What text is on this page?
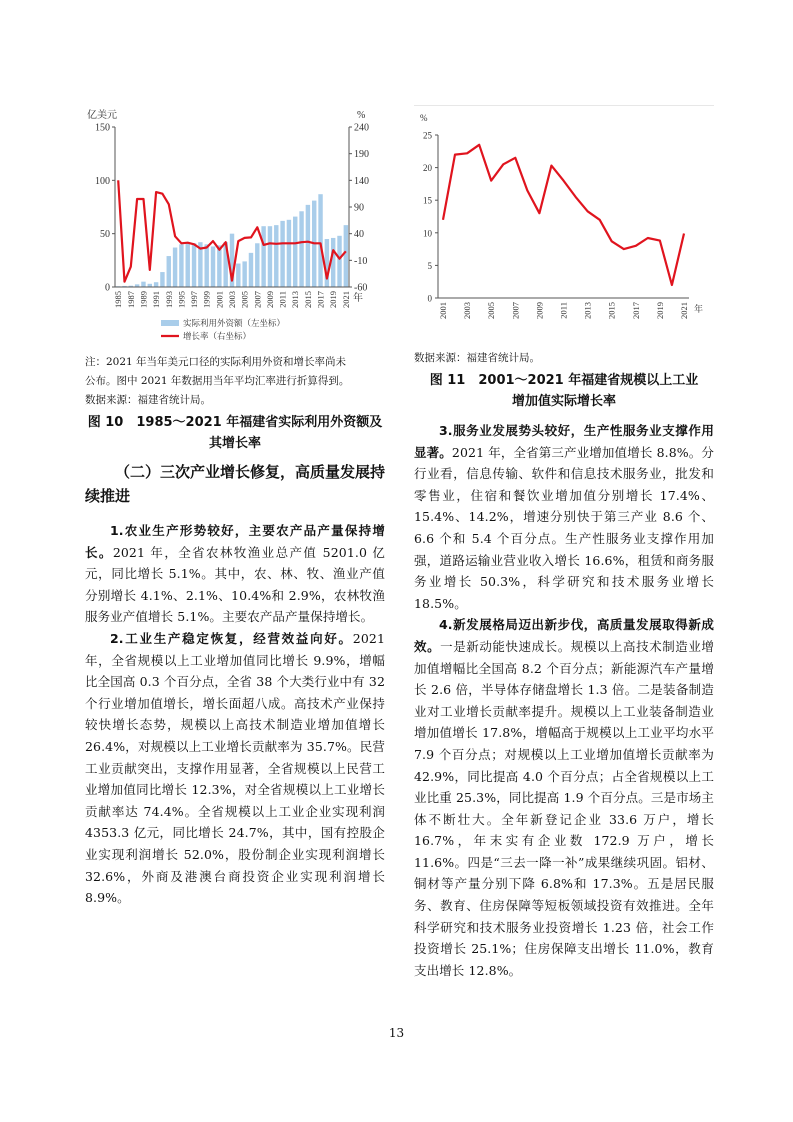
亿美元	%
0
50
100
150
-60
-10
40
90
140
190
240
1985 1987 1989 1991 1993 1995 1997 1999 2001 2003 2005 2007 2009 2011 2013 2015 2017 2019 2021 年
实际利用外资额（左坐标）
增长率（右坐标）

注：2021 年当年美元口径的实际利用外资和增长率尚未

公布。图中 2021 年数据用当年平均汇率进行折算得到。

数据来源：福建省统计局。

图 10　1985～2021 年福建省实际利用外资额及

其增长率

（二）三次产业增长修复，高质量发展持续推进

1.农业生产形势较好，主要农产品产量保持增长。2021 年，全省农林牧渔业总产值 5201.0 亿元，同比增长 5.1%。其中，农、林、牧、渔业产值分别增长 4.1%、2.1%、10.4%和 2.9%，农林牧渔服务业产值增长 5.1%。主要农产品产量保持增长。

2.工业生产稳定恢复，经营效益向好。2021 年，全省规模以上工业增加值同比增长 9.9%，增幅比全国高 0.3 个百分点，全省 38 个大类行业中有 32 个行业增加值增长，增长面超八成。高技术产业保持较快增长态势，规模以上高技术制造业增加值增长 26.4%，对规模以上工业增长贡献率为 35.7%。民营工业贡献突出，支撑作用显著，全省规模以上民营工业增加值同比增长 12.3%，对全省规模以上工业增长贡献率达 74.4%。全省规模以上工业企业实现利润 4353.3 亿元，同比增长 24.7%，其中，国有控股企业实现利润增长 52.0%，股份制企业实现利润增长 32.6%，外商及港澳台商投资企业实现利润增长 8.9%。

%
0
5
10
15
20
25
2001 2003 2005 2007 2009 2011 2013 2015 2017 2019 2021 年

数据来源：福建省统计局。

图 11　2001～2021 年福建省规模以上工业

增加值实际增长率

3.服务业发展势头较好，生产性服务业支撑作用显著。2021 年，全省第三产业增加值增长 8.8%。分行业看，信息传输、软件和信息技术服务业，批发和零售业，住宿和餐饮业增加值分别增长 17.4%、15.4%、14.2%，增速分别快于第三产业 8.6 个、6.6 个和 5.4 个百分点。生产性服务业支撑作用加强，道路运输业营业收入增长 16.6%，租赁和商务服务业增长 50.3%，科学研究和技术服务业增长 18.5%。

4.新发展格局迈出新步伐，高质量发展取得新成效。一是新动能快速成长。规模以上高技术制造业增加值增幅比全国高 8.2 个百分点；新能源汽车产量增长 2.6 倍，半导体存储盘增长 1.3 倍。二是装备制造业对工业增长贡献率提升。规模以上工业装备制造业增加值增长 17.8%，增幅高于规模以上工业平均水平 7.9 个百分点；对规模以上工业增加值增长贡献率为 42.9%，同比提高 4.0 个百分点；占全省规模以上工业比重 25.3%，同比提高 1.9 个百分点。三是市场主体不断壮大。全年新登记企业 33.6 万户，增长 16.7%，年末实有企业数 172.9 万户，增长 11.6%。四是“三去一降一补”成果继续巩固。铝材、铜材等产量分别下降 6.8%和 17.3%。五是居民服务、教育、住房保障等短板领域投资有效推进。全年科学研究和技术服务业投资增长 1.23 倍，社会工作投资增长 25.1%；住房保障支出增长 11.0%，教育支出增长 12.8%。

13
